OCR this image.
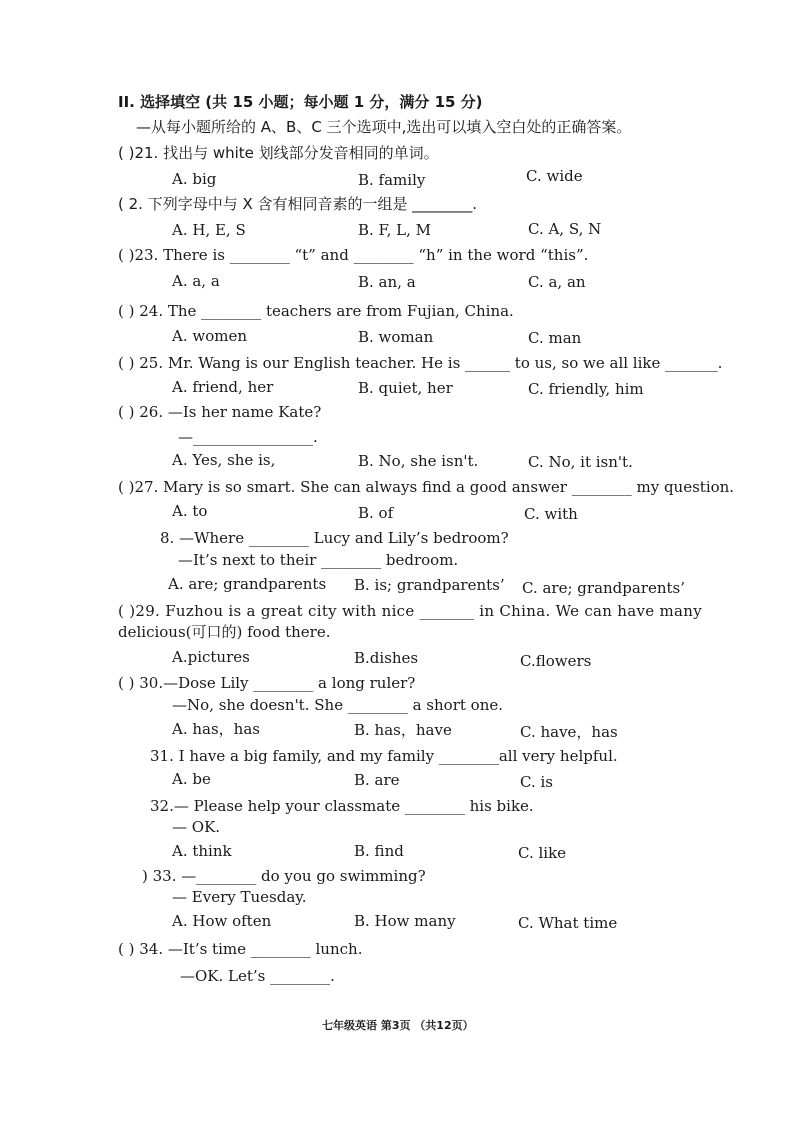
II. 选择填空 (共 15 小题；每小题 1 分，满分 15 分)
—从每小题所给的 A、B、C 三个选项中,选出可以填入空白处的正确答案。
( )21. 找出与 white 划线部分发音相同的单词。
A. big	B. family	C. wide
( 2. 下列字母中与 X 含有相同音素的一组是 ________.
A. H, E, S	B. F, L, M	C. A, S, N
( )23. There is ________ “t” and ________ “h” in the word “this”.
A. a, a	B. an, a	C. a, an
( ) 24. The ________ teachers are from Fujian, China.
A. women	B. woman	C. man
( ) 25. Mr. Wang is our English teacher. He is ______ to us, so we all like _______.
A. friend, her	B. quiet, her	C. friendly, him
( ) 26. —Is her name Kate?
—________________.
A. Yes, she is,	B. No, she isn't.	C. No, it isn't.
( )27. Mary is so smart. She can always find a good answer ________ my question.
A. to	B. of	C. with
8. —Where ________ Lucy and Lily’s bedroom?
—It’s next to their ________ bedroom.
A. are; grandparents B. is; grandparents’ C. are; grandparents’
( )29. Fuzhou is a great city with nice _______ in China. We can have many
delicious(可口的) food there.
A.pictures	B.dishes	C.flowers
( ) 30.—Dose Lily ________ a long ruler?
—No, she doesn't. She ________ a short one.
A. has，has	B. has，have	C. have，has
31. I have a big family, and my family ________all very helpful.
A. be	B. are	C. is
32.— Please help your classmate ________ his bike.
— OK.
A. think	B. find	C. like
) 33. —________ do you go swimming?
— Every Tuesday.
A. How often	B. How many	C. What time
( ) 34. —It’s time ________ lunch.
—OK. Let’s ________.
七年级英语 第3页 （共12页）
